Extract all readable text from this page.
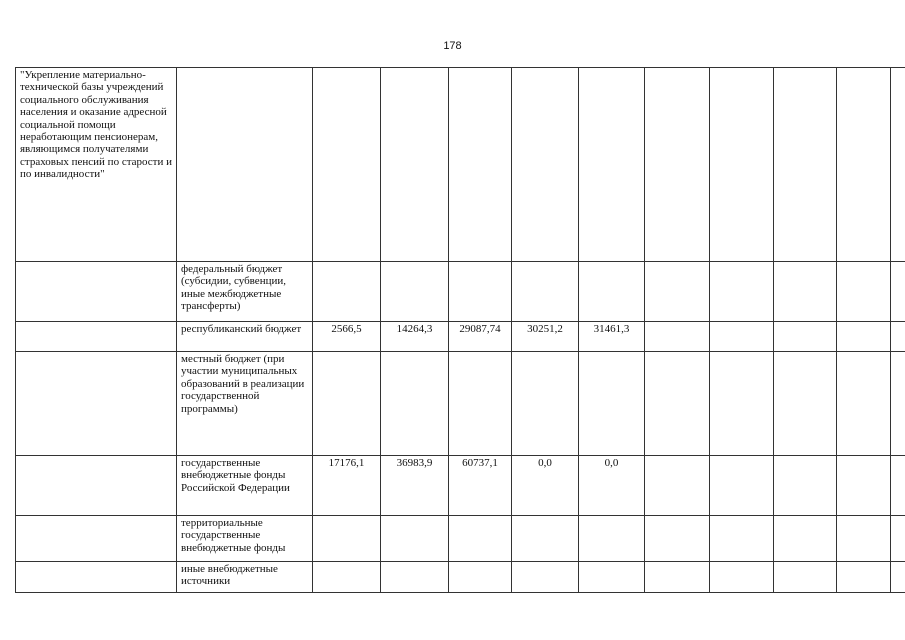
178
"Укрепление материально-технической базы учреждений социального обслуживания населения и оказание адресной социальной помощи неработающим пенсионерам, являющимся получателями страховых пенсий по старости и по инвалидности"											
	федеральный бюджет (субсидии, субвенции, иные межбюджетные трансферты)										
	республиканский бюджет	2566,5	14264,3	29087,74	30251,2	31461,3					
	местный бюджет (при участии муниципальных образований в реализации государственной программы)										
	государственные внебюджетные фонды Российской Федерации	17176,1	36983,9	60737,1	0,0	0,0					
	территориальные государственные внебюджетные фонды										
	иные внебюджетные источники										
